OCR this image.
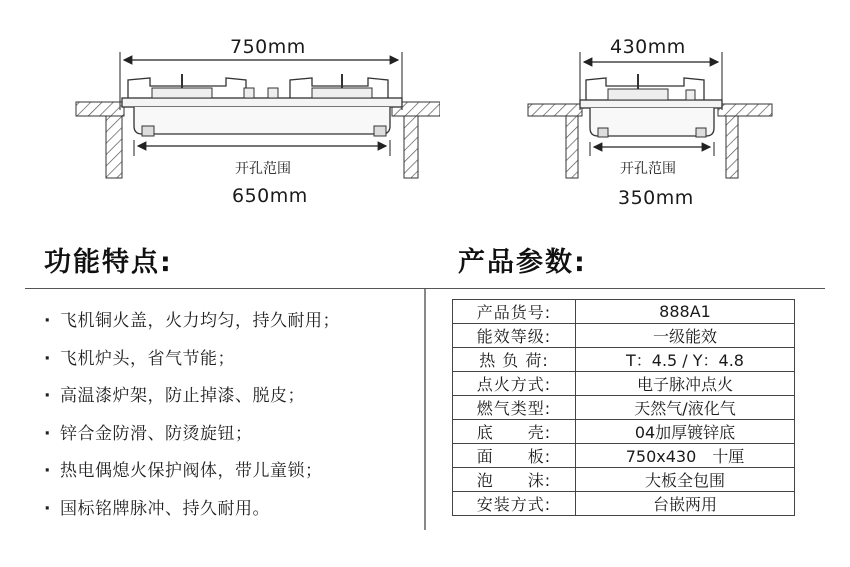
750mm
开孔范围
650mm
430mm
开孔范围
350mm
功能特点:	产品参数:
· 飞机铜火盖，火力均匀，持久耐用；
· 飞机炉头，省气节能；
· 高温漆炉架，防止掉漆、脱皮；
· 锌合金防滑、防烫旋钮；
· 热电偶熄火保护阀体，带儿童锁；
· 国标铭牌脉冲、持久耐用。
产品货号:	888A1
能效等级:	一级能效
热 负 荷:	T：4.5 / Y：4.8
点火方式:	电子脉冲点火
燃气类型:	天然气/液化气
底　　壳:	04加厚镀锌底
面　　板:	750x430　十厘
泡　　沫:	大板全包围
安装方式:	台嵌两用
